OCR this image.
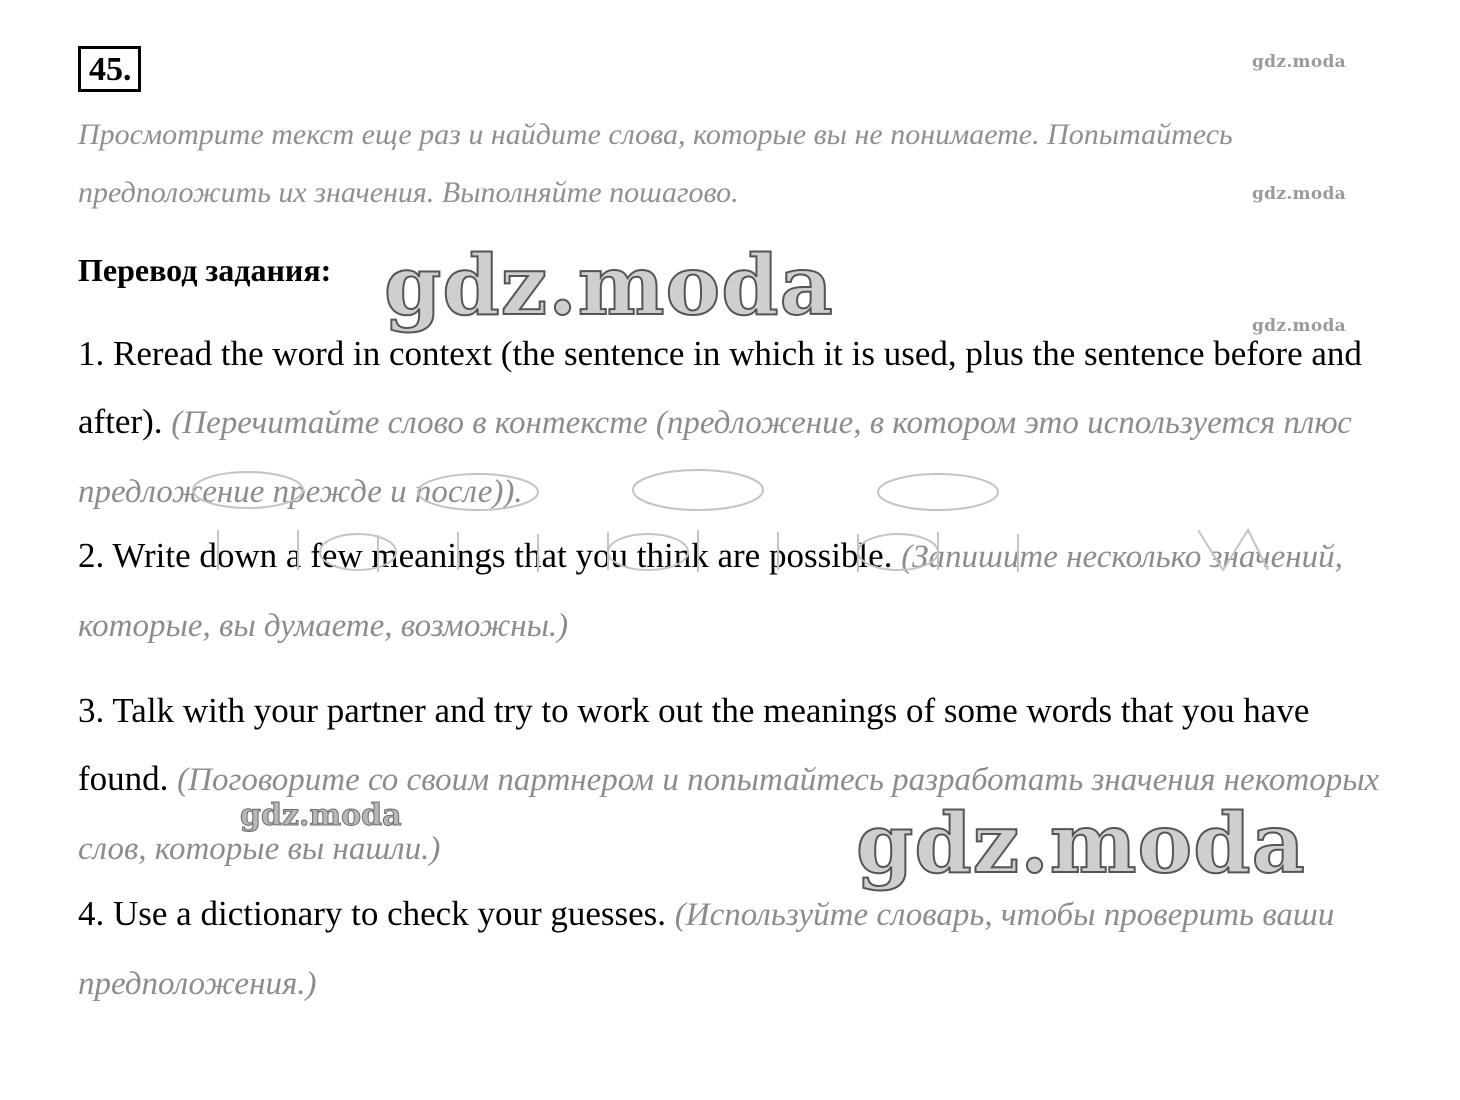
45.
Просмотрите текст еще раз и найдите слова, которые вы не понимаете. Попытайтесь предположить их значения. Выполняйте пошагово.
Перевод задания:
1. Reread the word in context (the sentence in which it is used, plus the sentence before and after). (Перечитайте слово в контексте (предложение, в котором это используется плюс предложение прежде и после)).
2. Write down a few meanings that you think are possible. (Запишите несколько значений, которые, вы думаете, возможны.)
3. Talk with your partner and try to work out the meanings of some words that you have found. (Поговорите со своим партнером и попытайтесь разработать значения некоторых слов, которые вы нашли.)
4. Use a dictionary to check your guesses. (Используйте словарь, чтобы проверить ваши предположения.)
gdz.moda
gdz.moda
gdz.moda
gdz.moda
gdz.moda
gdz.moda
